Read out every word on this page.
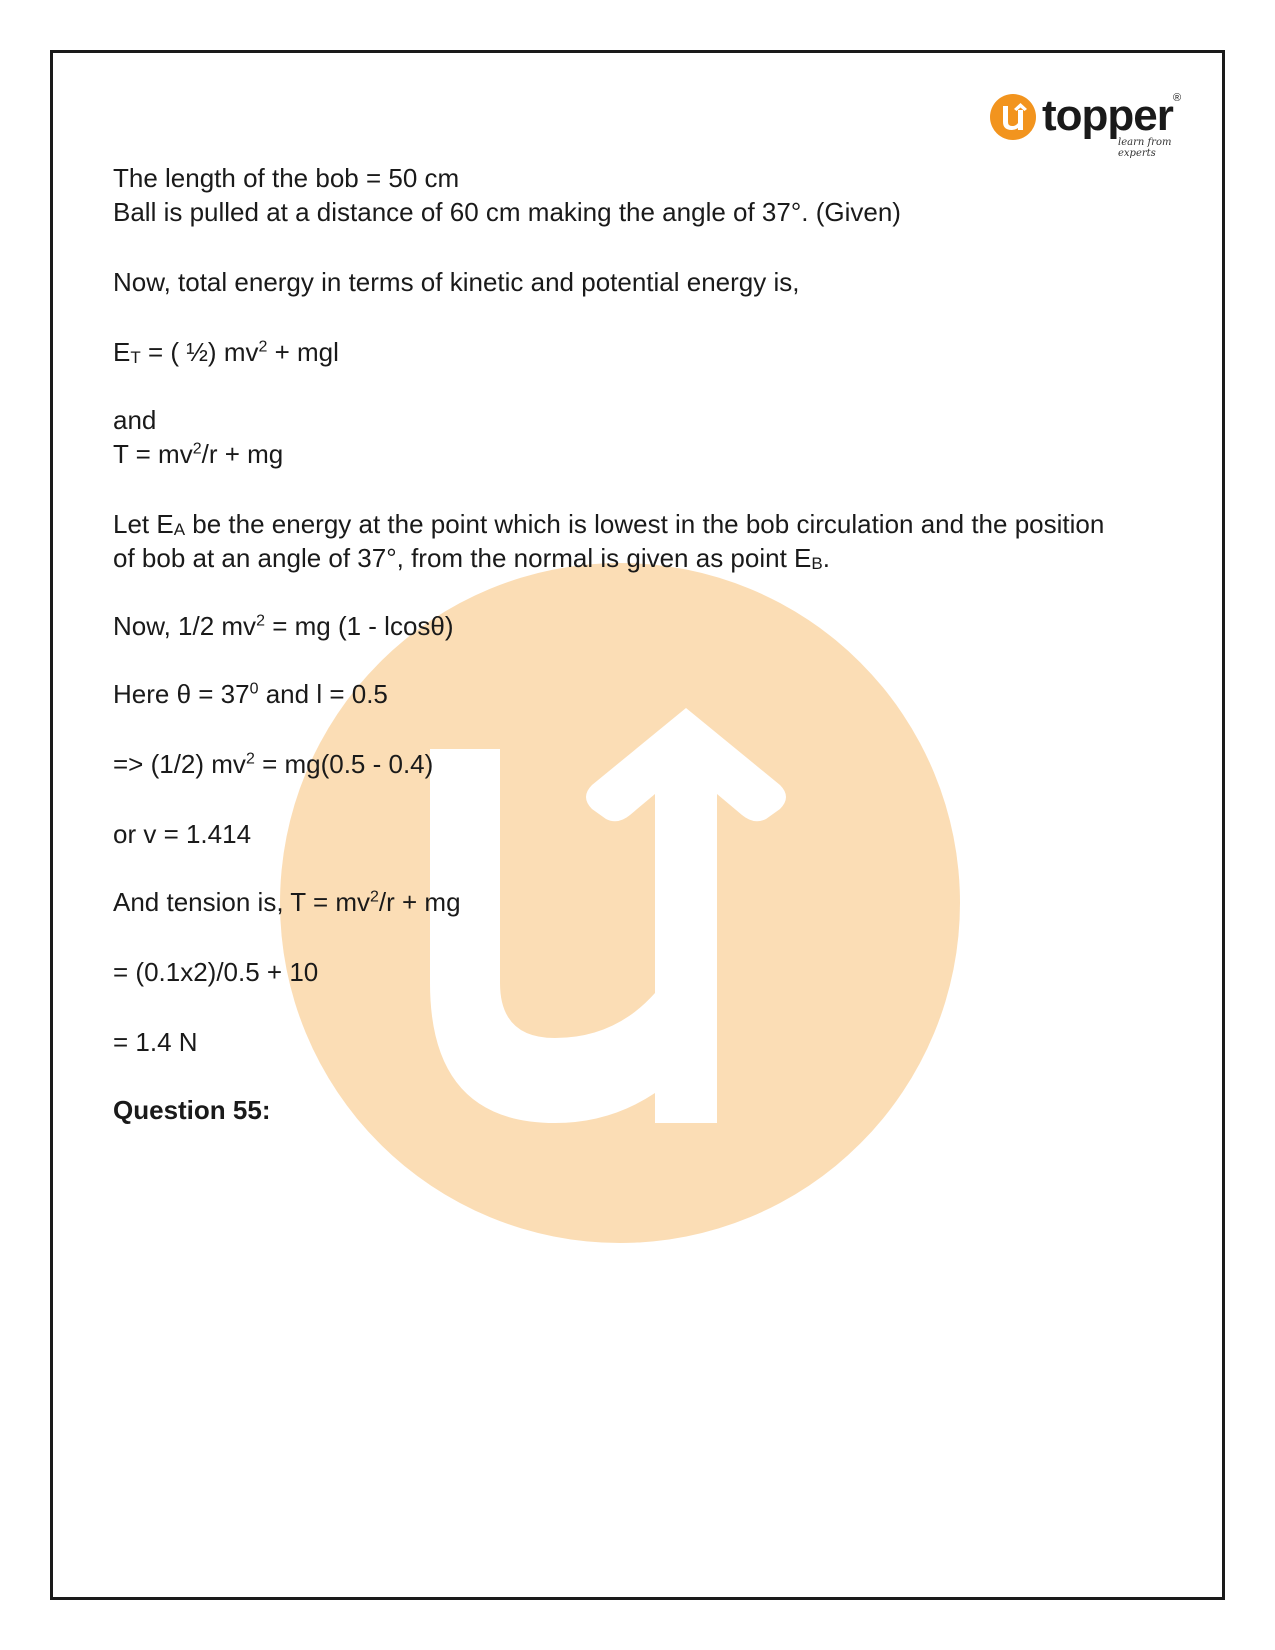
topper ®
learn from experts
The length of the bob = 50 cm
Ball is pulled at a distance of 60 cm making the angle of 37°. (Given)
Now, total energy in terms of kinetic and potential energy is,
$E_T$ = ( ½) $mv^2$ + mgl
and
$T = mv^2/r$ + mg
Let $E_A$ be the energy at the point which is lowest in the bob circulation and the position
of bob at an angle of 37°, from the normal is given as point $E_B$.
Now, 1/2 $mv^2$ = mg (1 - lcosθ)
Here $\theta = 37^0$ and l = 0.5
=> (1/2) $mv^2 = mg(0.5 - 0.4)$
or v = 1.414
And tension is, $T = mv^2/r$ + mg
= (0.1x2)/0.5 + 10
= 1.4 N
Question 55:
